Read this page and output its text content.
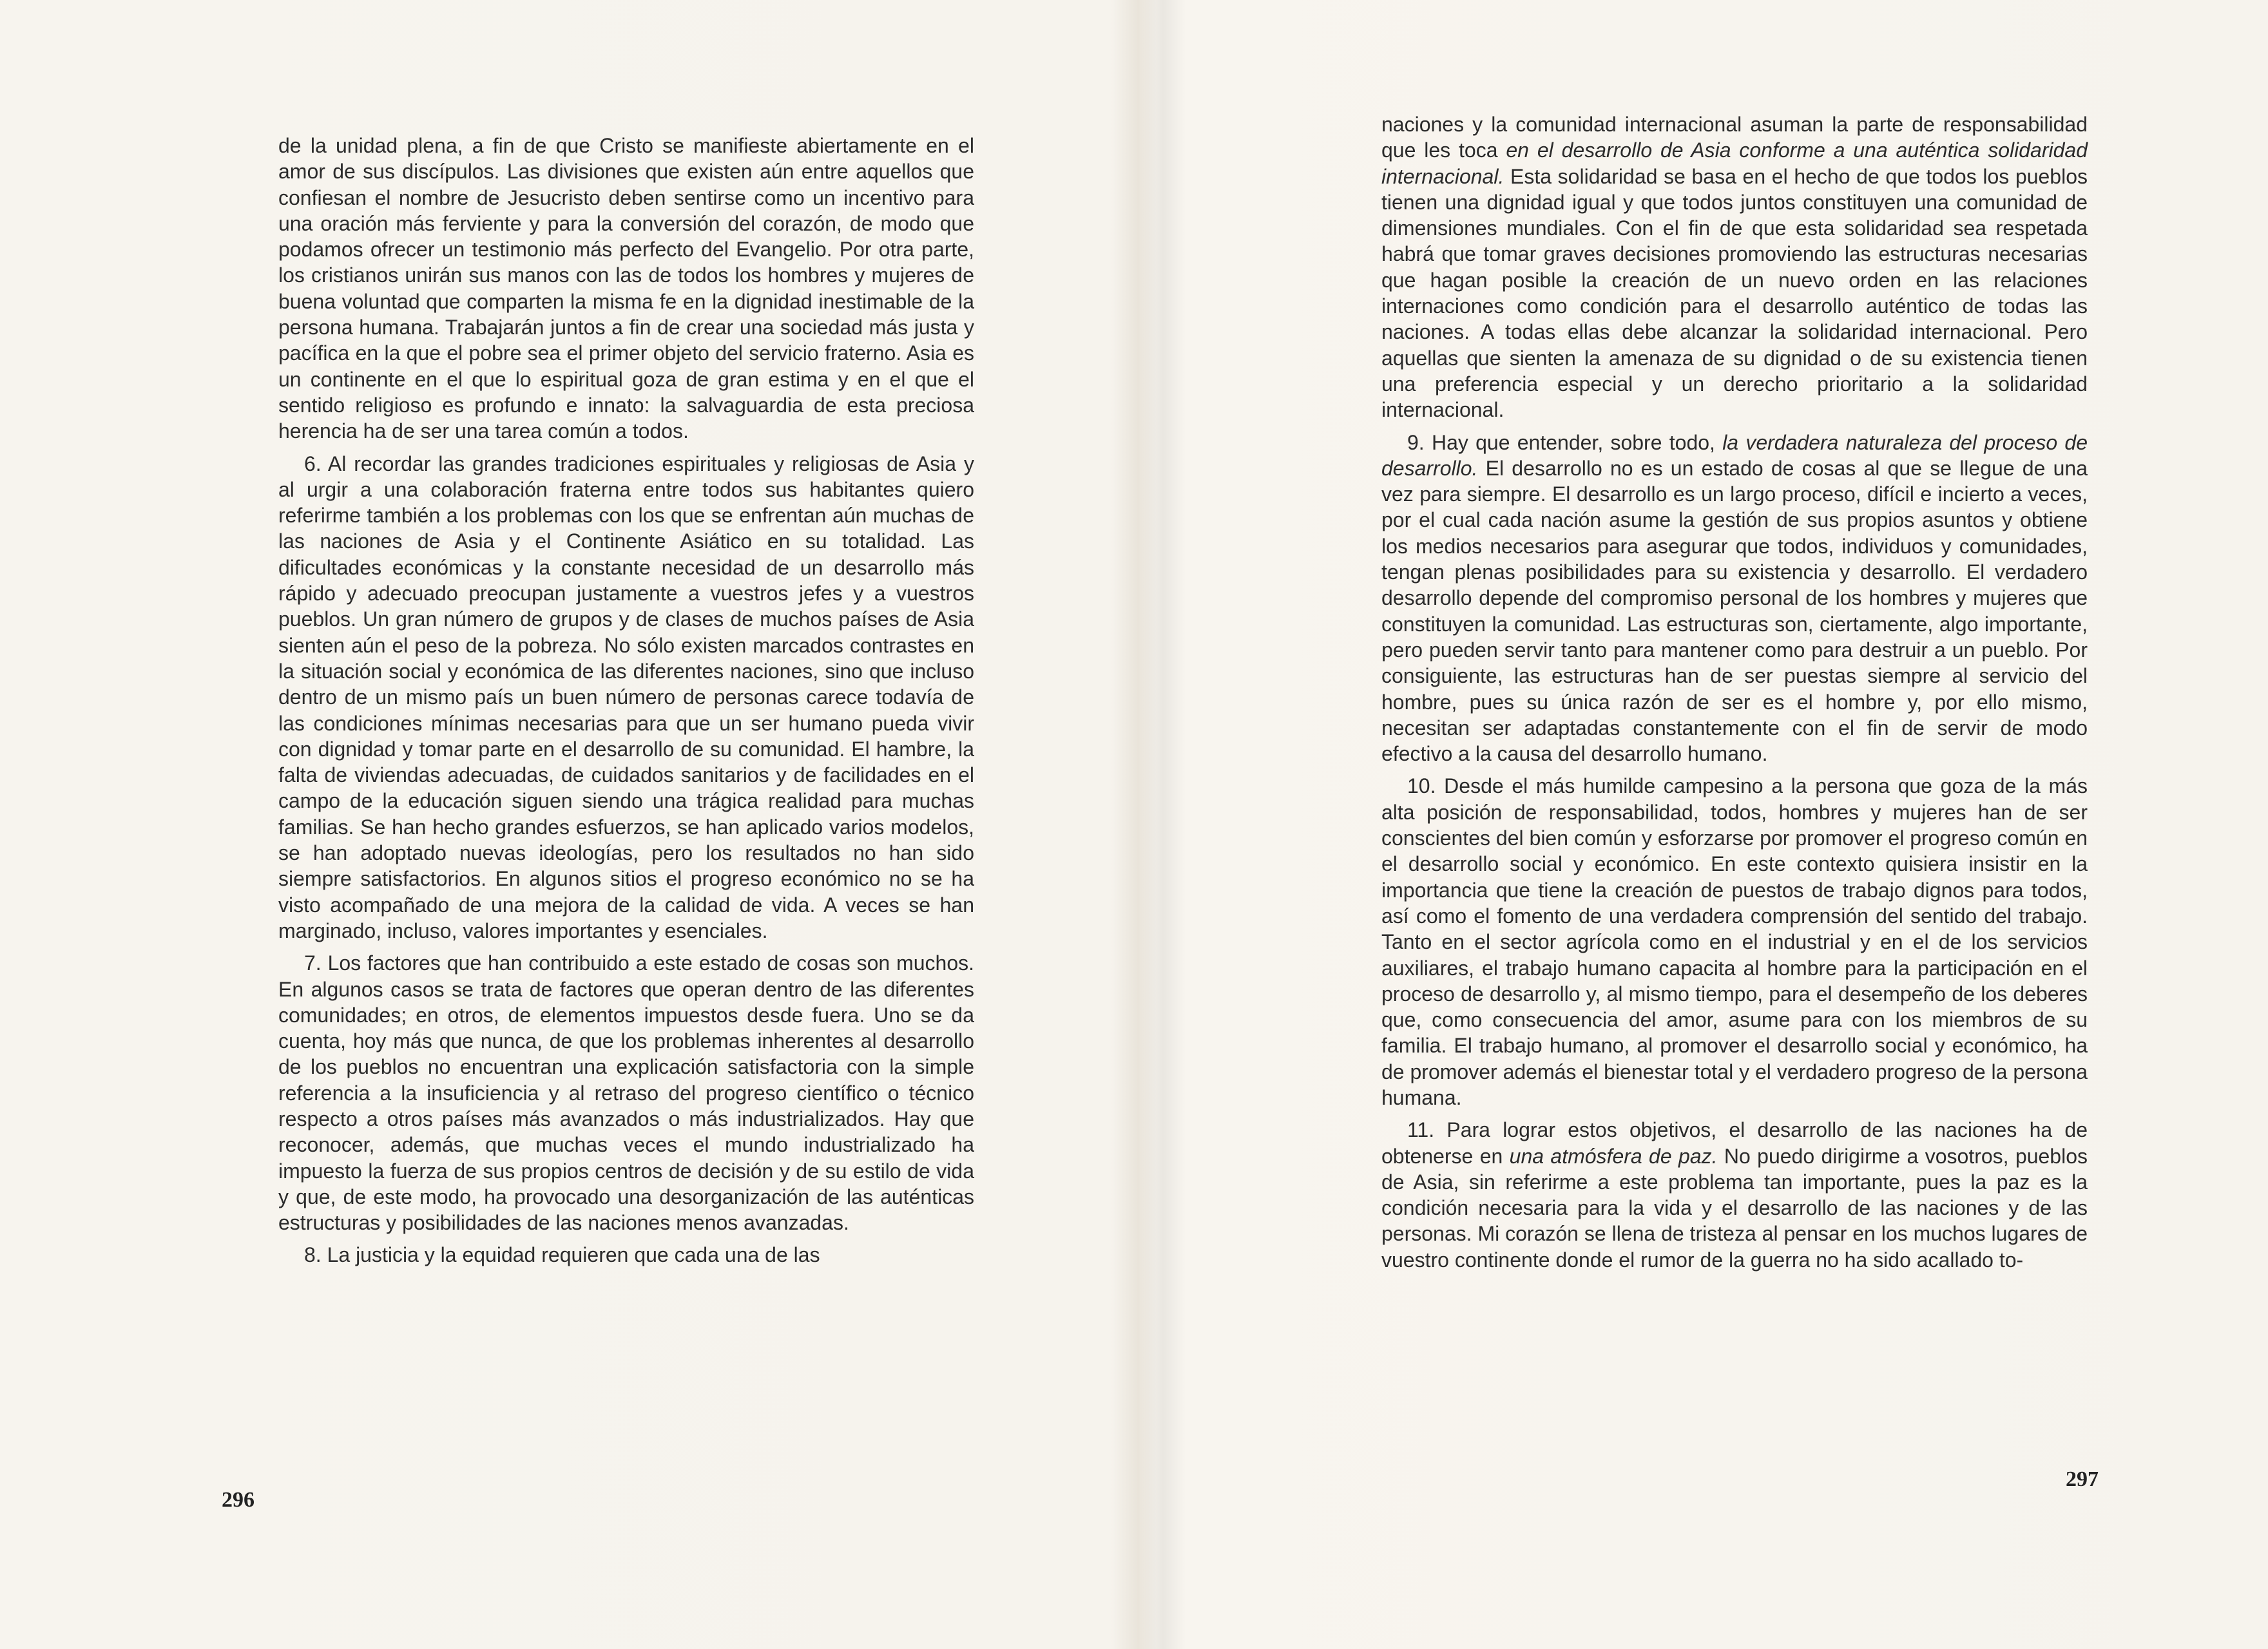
de la unidad plena, a fin de que Cristo se manifieste abiertamente en el amor de sus discípulos. Las divisiones que existen aún entre aquellos que confiesan el nombre de Jesucristo deben sentirse como un incentivo para una oración más ferviente y para la conversión del corazón, de modo que podamos ofrecer un testimonio más perfecto del Evangelio. Por otra parte, los cristianos unirán sus manos con las de todos los hombres y mujeres de buena voluntad que comparten la misma fe en la dignidad inestimable de la persona humana. Trabajarán juntos a fin de crear una sociedad más justa y pacífica en la que el pobre sea el primer objeto del servicio fraterno. Asia es un continente en el que lo espiritual goza de gran estima y en el que el sentido religioso es profundo e innato: la salvaguardia de esta preciosa herencia ha de ser una tarea común a todos.

6. Al recordar las grandes tradiciones espirituales y religiosas de Asia y al urgir a una colaboración fraterna entre todos sus habitantes quiero referirme también a los problemas con los que se enfrentan aún muchas de las naciones de Asia y el Continente Asiático en su totalidad. Las dificultades económicas y la constante necesidad de un desarrollo más rápido y adecuado preocupan justamente a vuestros jefes y a vuestros pueblos. Un gran número de grupos y de clases de muchos países de Asia sienten aún el peso de la pobreza. No sólo existen marcados contrastes en la situación social y económica de las diferentes naciones, sino que incluso dentro de un mismo país un buen número de personas carece todavía de las condiciones mínimas necesarias para que un ser humano pueda vivir con dignidad y tomar parte en el desarrollo de su comunidad. El hambre, la falta de viviendas adecuadas, de cuidados sanitarios y de facilidades en el campo de la educación siguen siendo una trágica realidad para muchas familias. Se han hecho grandes esfuerzos, se han aplicado varios modelos, se han adoptado nuevas ideologías, pero los resultados no han sido siempre satisfactorios. En algunos sitios el progreso económico no se ha visto acompañado de una mejora de la calidad de vida. A veces se han marginado, incluso, valores importantes y esenciales.

7. Los factores que han contribuido a este estado de cosas son muchos. En algunos casos se trata de factores que operan dentro de las diferentes comunidades; en otros, de elementos impuestos desde fuera. Uno se da cuenta, hoy más que nunca, de que los problemas inherentes al desarrollo de los pueblos no encuentran una explicación satisfactoria con la simple referencia a la insuficiencia y al retraso del progreso científico o técnico respecto a otros países más avanzados o más industrializados. Hay que reconocer, además, que muchas veces el mundo industrializado ha impuesto la fuerza de sus propios centros de decisión y de su estilo de vida y que, de este modo, ha provocado una desorganización de las auténticas estructuras y posibilidades de las naciones menos avanzadas.

8. La justicia y la equidad requieren que cada una de las

296

naciones y la comunidad internacional asuman la parte de responsabilidad que les toca en el desarrollo de Asia conforme a una auténtica solidaridad internacional. Esta solidaridad se basa en el hecho de que todos los pueblos tienen una dignidad igual y que todos juntos constituyen una comunidad de dimensiones mundiales. Con el fin de que esta solidaridad sea respetada habrá que tomar graves decisiones promoviendo las estructuras necesarias que hagan posible la creación de un nuevo orden en las relaciones internaciones como condición para el desarrollo auténtico de todas las naciones. A todas ellas debe alcanzar la solidaridad internacional. Pero aquellas que sienten la amenaza de su dignidad o de su existencia tienen una preferencia especial y un derecho prioritario a la solidaridad internacional.

9. Hay que entender, sobre todo, la verdadera naturaleza del proceso de desarrollo. El desarrollo no es un estado de cosas al que se llegue de una vez para siempre. El desarrollo es un largo proceso, difícil e incierto a veces, por el cual cada nación asume la gestión de sus propios asuntos y obtiene los medios necesarios para asegurar que todos, individuos y comunidades, tengan plenas posibilidades para su existencia y desarrollo. El verdadero desarrollo depende del compromiso personal de los hombres y mujeres que constituyen la comunidad. Las estructuras son, ciertamente, algo importante, pero pueden servir tanto para mantener como para destruir a un pueblo. Por consiguiente, las estructuras han de ser puestas siempre al servicio del hombre, pues su única razón de ser es el hombre y, por ello mismo, necesitan ser adaptadas constantemente con el fin de servir de modo efectivo a la causa del desarrollo humano.

10. Desde el más humilde campesino a la persona que goza de la más alta posición de responsabilidad, todos, hombres y mujeres han de ser conscientes del bien común y esforzarse por promover el progreso común en el desarrollo social y económico. En este contexto quisiera insistir en la importancia que tiene la creación de puestos de trabajo dignos para todos, así como el fomento de una verdadera comprensión del sentido del trabajo. Tanto en el sector agrícola como en el industrial y en el de los servicios auxiliares, el trabajo humano capacita al hombre para la participación en el proceso de desarrollo y, al mismo tiempo, para el desempeño de los deberes que, como consecuencia del amor, asume para con los miembros de su familia. El trabajo humano, al promover el desarrollo social y económico, ha de promover además el bienestar total y el verdadero progreso de la persona humana.

11. Para lograr estos objetivos, el desarrollo de las naciones ha de obtenerse en una atmósfera de paz. No puedo dirigirme a vosotros, pueblos de Asia, sin referirme a este problema tan importante, pues la paz es la condición necesaria para la vida y el desarrollo de las naciones y de las personas. Mi corazón se llena de tristeza al pensar en los muchos lugares de vuestro continente donde el rumor de la guerra no ha sido acallado to-

297
